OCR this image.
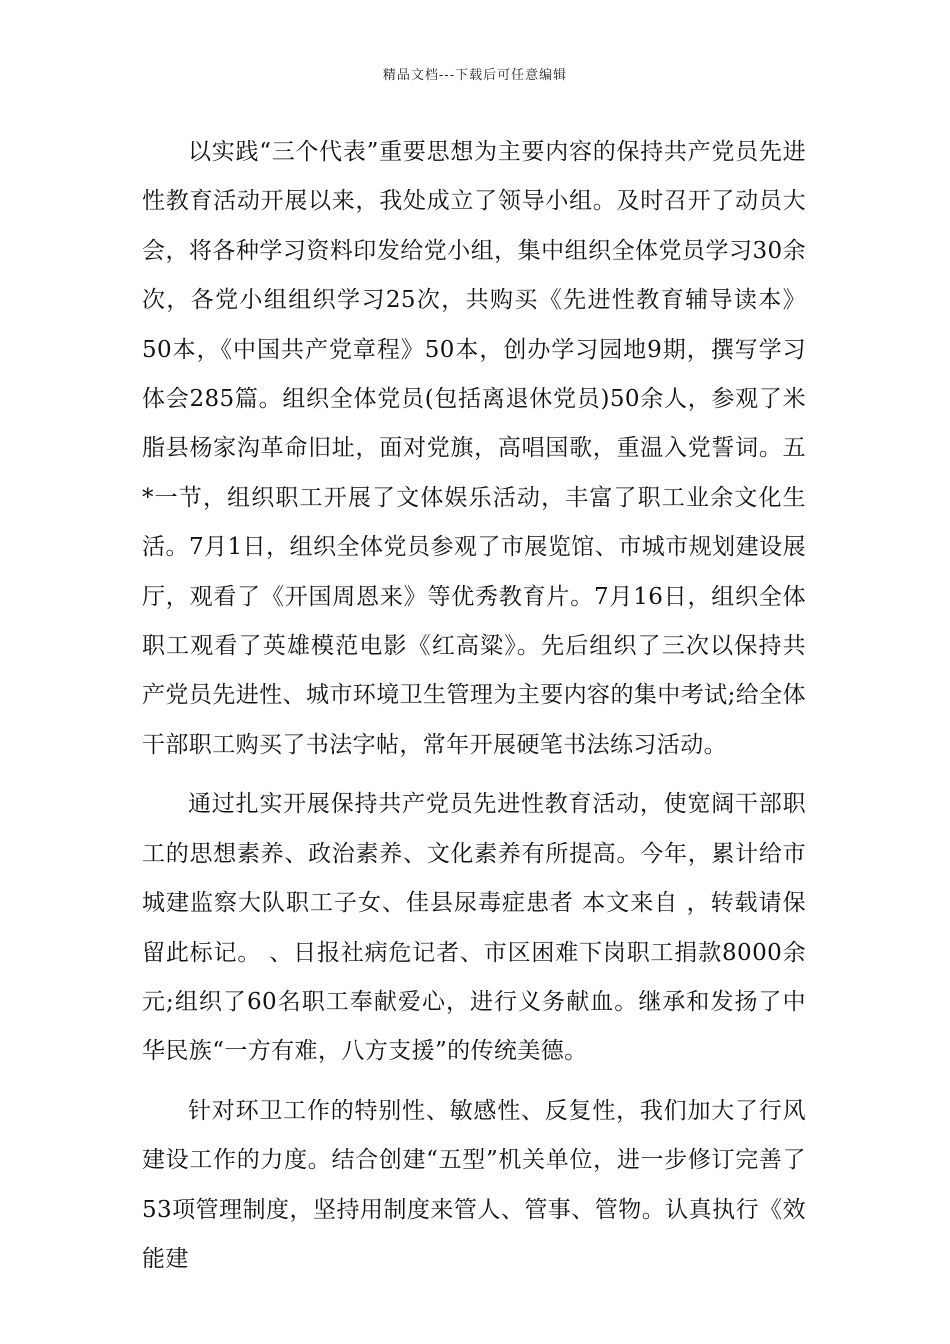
精品文档---下载后可任意编辑

以实践“三个代表”重要思想为主要内容的保持共产党员先进性教育活动开展以来，我处成立了领导小组。及时召开了动员大会，将各种学习资料印发给党小组，集中组织全体党员学习30余次，各党小组组织学习25次，共购买《先进性教育辅导读本》50本，《中国共产党章程》50本，创办学习园地9期，撰写学习体会285篇。组织全体党员(包括离退休党员)50余人，参观了米脂县杨家沟革命旧址，面对党旗，高唱国歌，重温入党誓词。五*一节，组织职工开展了文体娱乐活动，丰富了职工业余文化生活。7月1日，组织全体党员参观了市展览馆、市城市规划建设展厅，观看了《开国周恩来》等优秀教育片。7月16日，组织全体职工观看了英雄模范电影《红高粱》。先后组织了三次以保持共产党员先进性、城市环境卫生管理为主要内容的集中考试;给全体干部职工购买了书法字帖，常年开展硬笔书法练习活动。

通过扎实开展保持共产党员先进性教育活动，使宽阔干部职工的思想素养、政治素养、文化素养有所提高。今年，累计给市城建监察大队职工子女、佳县尿毒症患者 本文来自 ，转载请保留此标记。 、日报社病危记者、市区困难下岗职工捐款8000余元;组织了60名职工奉献爱心，进行义务献血。继承和发扬了中华民族“一方有难，八方支援”的传统美德。

针对环卫工作的特别性、敏感性、反复性，我们加大了行风建设工作的力度。结合创建“五型”机关单位，进一步修订完善了53项管理制度，坚持用制度来管人、管事、管物。认真执行《效能建
